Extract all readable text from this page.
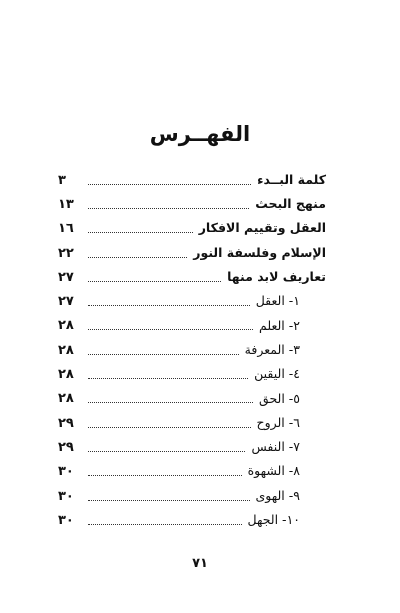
الفهــرس
كلمة البــدء
٣
منهج البحث
١٣
العقل وتقييم الافكار
١٦
الإسلام وفلسفة النور
٢٢
تعاريف لابد منها
٢٧
١- العقل
٢٧
٢- العلم
٢٨
٣- المعرفة
٢٨
٤- اليقين
٢٨
٥- الحق
٢٨
٦- الروح
٢٩
٧- النفس
٢٩
٨- الشهوة
٣٠
٩- الهوى
٣٠
١٠- الجهل
٣٠
٧١
